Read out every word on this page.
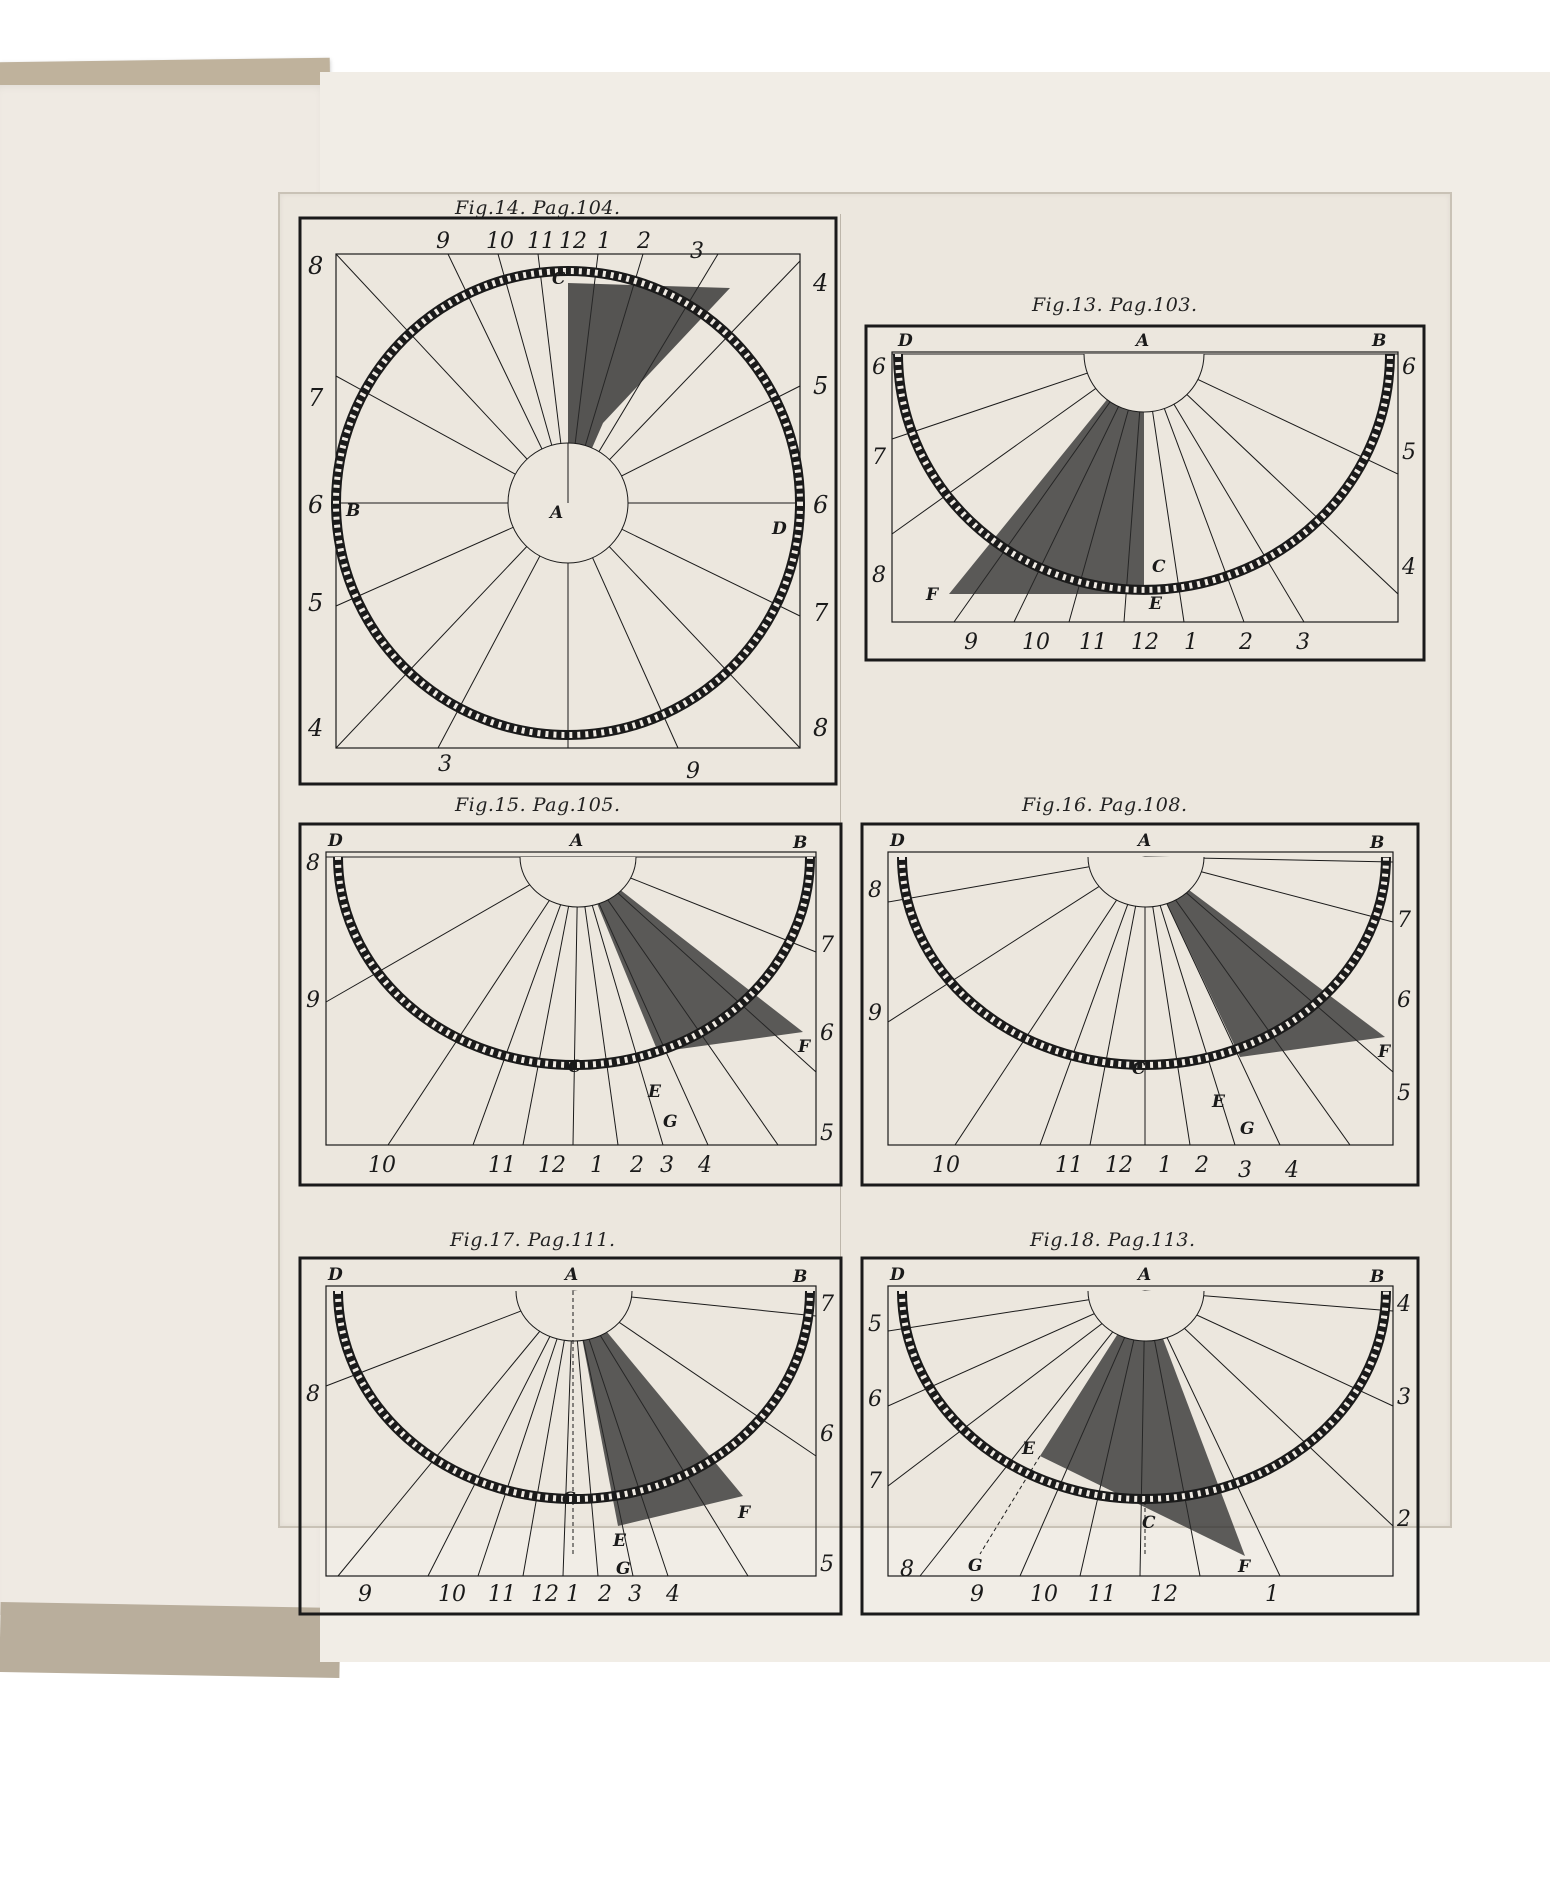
Fig.14. Pag.104.
9 10 11 12 1 2 3
8
7
6
5
4
4
5
6
7
8
3	9
C
A
B
D
Fig.13. Pag.103.
D	A	B
F	E
C
6
7
8
6
5
4
9 10 11 12 1 2 3
Fig.15. Pag.105.
D	A	B
F
E
G
C
8
9
7
6
5
10	11 12 1 2 3 4
Fig.16. Pag.108.
D	A	B
F
E
G
C
8
9
7
6
5
10	11 12 1 2 3 4
Fig.17. Pag.111.
D	A	B
F
E
G
C
8
7
6
5
9	10 11 12 1 2 3 4
Fig.18. Pag.113.
D	A	B
E
F
G
C
5
6
7
8
4
3
2
9 10 11 12	1
